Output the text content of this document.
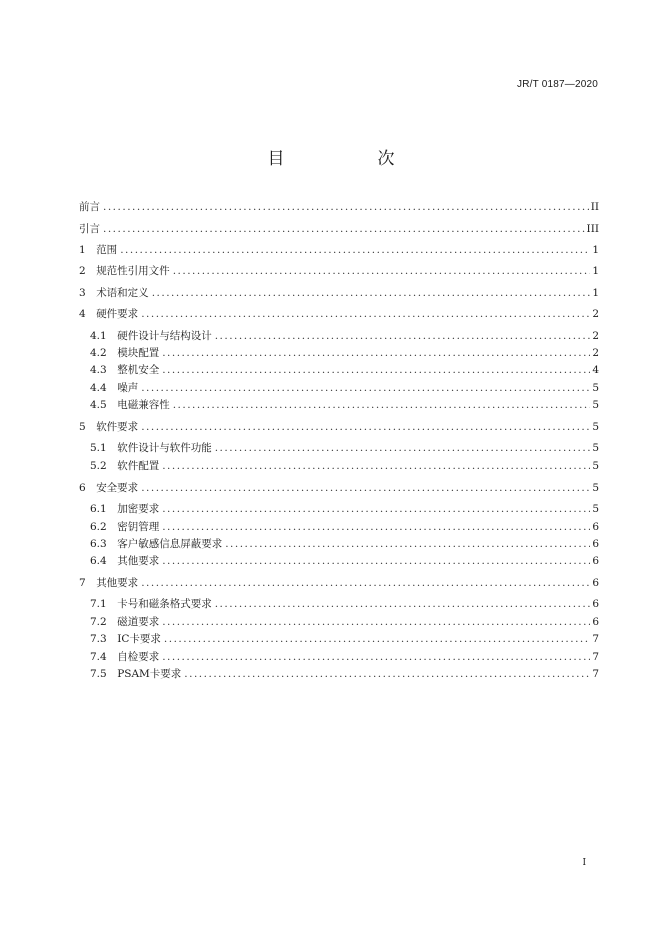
JR/T 0187—2020
目　次
前言 .....	II
引言 .....	III
1　 范围 .....	1
2　 规范性引用文件 .....	1
3　 术语和定义 .....	1
4　 硬件要求 .....	2
4.1　 硬件设计与结构设计 .....	2
4.2　 模块配置 .....	2
4.3　 整机安全 .....	4
4.4　 噪声 .....	5
4.5　 电磁兼容性 .....	5
5　 软件要求 .....	5
5.1　 软件设计与软件功能 .....	5
5.2　 软件配置 .....	5
6　 安全要求 .....	5
6.1　 加密要求 .....	5
6.2　 密钥管理 .....	6
6.3　 客户敏感信息屏蔽要求 .....	6
6.4　 其他要求 .....	6
7　 其他要求 .....	6
7.1　 卡号和磁条格式要求 .....	6
7.2　 磁道要求 .....	6
7.3　 IC卡要求 .....	7
7.4　 自检要求 .....	7
7.5　 PSAM卡要求 .....	7
I
